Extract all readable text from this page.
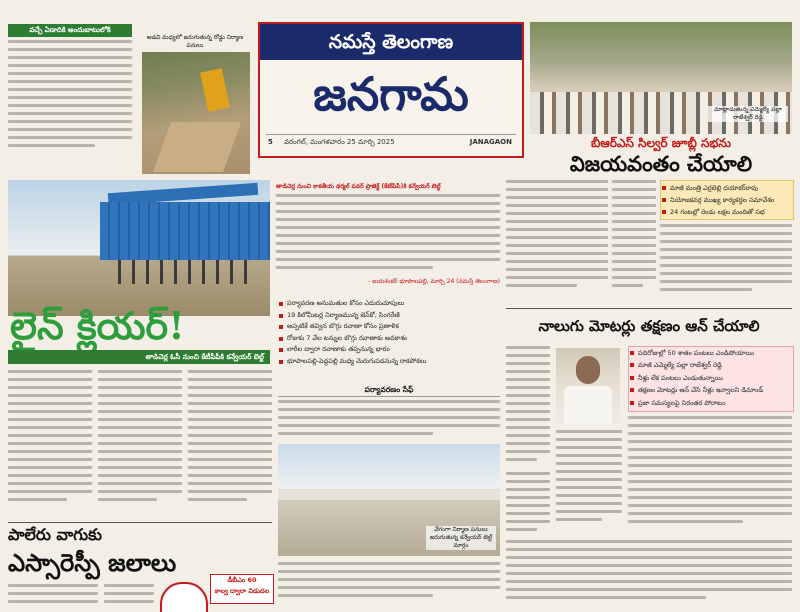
వచ్చే ఏడాదికి అందుబాటులోకి
అడవి మధ్యలో జరుగుతున్న రోడ్డు నిర్మాణ పనులు	నమస్తే తెలంగాణ
జనగామ
5 వరంగల్, మంగళవారం 25 మార్చి 2025	JANAGAON
మాట్లాడుతున్న ఎమ్మెల్యే పల్లా రాజేశ్వర్ రెడ్డి
బీఆర్‌ఎస్ సిల్వర్ జూబ్లీ సభను
లైన్ క్లియర్!
తాడిచెర్ల ఓసీ నుంచి కేటీపీపీకి కన్వేయర్ బెల్ట్
తాడిచెర్ల నుంచి కాకతీయ థర్మల్ పవర్ ప్రాజెక్ట్ (కేటీపీపీ)కి కన్వేయర్ బెల్ట్
- జయశంకర్ భూపాలపల్లి, మార్చి 24 (నమస్తే తెలంగాణ)
పర్యావరణ అనుమతుల కోసం ఎదురుచూపులు
19 కిలోమీటర్ల నిర్మాణమున్న జెన్‌కో, సింగరేణి
అప్పటికే తవ్విన బొగ్గు రవాణా కోసం ప్రణాళిక
రోజుకు 7 వేల టన్నుల బొగ్గు రవాణాకు అవకాశం
లారీల ద్వారా రవాణాకు తప్పనున్న భారం
భూపాలపల్లి-పెద్దపల్లి మధ్య మెరుగుపడనున్న రాకపోకలు
పర్యావరణం సేఫ్
వేగంగా నిర్మాణ పనులు జరుగుతున్న కన్వేయర్ బెల్ట్ మార్గం
విజయవంతం చేయాలి
మాజీ మంత్రి ఎర్రబెల్లి దయాకర్‌రావు
నియోజకవర్గ ముఖ్య కార్యకర్తల సమావేశం
24 గంటల్లో రెండు లక్షల మందితో సభ
నాలుగు మోటర్లు తక్షణం ఆన్ చేయాలి
పదిరోజుల్లో 50 శాతం పంటలు ఎండిపోయాయి
మాజీ ఎమ్మెల్యే పల్లా రాజేశ్వర్ రెడ్డి
నీళ్లు లేక పంటలు ఎండుతున్నాయి
తక్షణం మోటర్లు ఆన్ చేసి నీళ్లు ఇవ్వాలని డిమాండ్
ప్రజా సమస్యలపై నిరంతర పోరాటం
పాలేరు వాగుకు
ఎస్సారెస్పీ జలాలు
డీబీఎం 60
కాల్వ ద్వారా విడుదల
